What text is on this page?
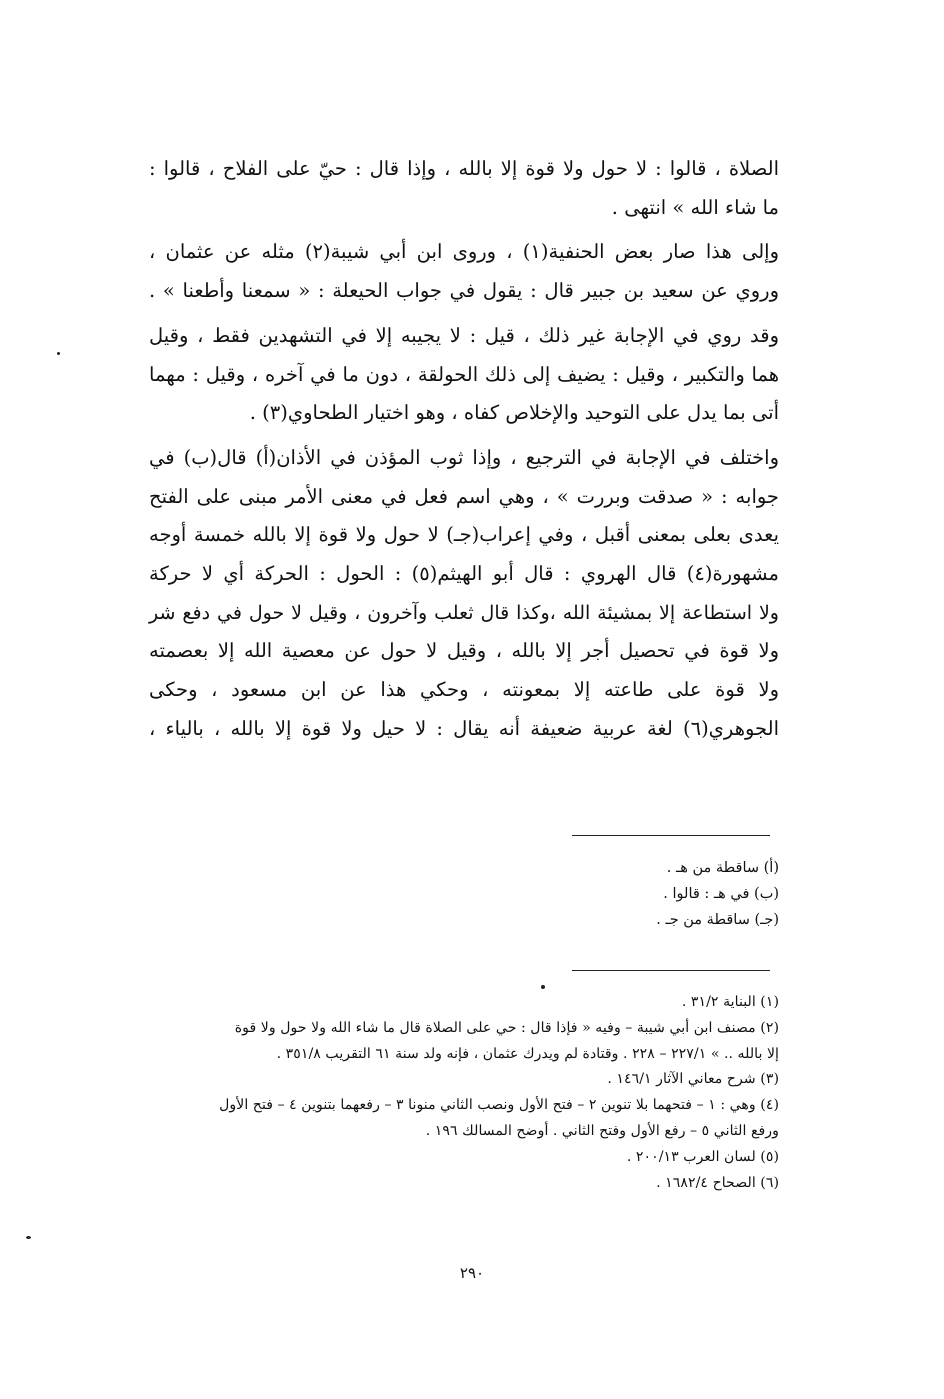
الصلاة ، قالوا : لا حول ولا قوة إلا بالله ، وإذا قال : حيّ على الفلاح ، قالوا :
ما شاء الله » انتهى .
وإلى هذا صار بعض الحنفية(١) ، وروى ابن أبي شيبة(٢) مثله عن عثمان ،
وروي عن سعيد بن جبير قال : يقول في جواب الحيعلة : « سمعنا وأطعنا » .
وقد روي في الإجابة غير ذلك ، قيل : لا يجيبه إلا في التشهدين فقط ، وقيل
هما والتكبير ، وقيل : يضيف إلى ذلك الحولقة ، دون ما في آخره ، وقيل : مهما
أتى بما يدل على التوحيد والإخلاص كفاه ، وهو اختيار الطحاوي(٣) .
واختلف في الإجابة في الترجيع ، وإذا ثوب المؤذن في الأذان(أ) قال(ب) في
جوابه : « صدقت وبررت » ، وهي اسم فعل في معنى الأمر مبنى على الفتح
يعدى بعلى بمعنى أقبل ، وفي إعراب(جـ) لا حول ولا قوة إلا بالله خمسة أوجه
مشهورة(٤) قال الهروي : قال أبو الهيثم(٥) : الحول : الحركة أي لا حركة
ولا استطاعة إلا بمشيئة الله ،وكذا قال ثعلب وآخرون ، وقيل لا حول في دفع شر
ولا قوة في تحصيل أجر إلا بالله ، وقيل لا حول عن معصية الله إلا بعصمته
ولا قوة على طاعته إلا بمعونته ، وحكي هذا عن ابن مسعود ، وحكى
الجوهري(٦) لغة عربية ضعيفة أنه يقال : لا حيل ولا قوة إلا بالله ، بالياء ،
(أ) ساقطة من هـ .
(ب) في هـ : قالوا .
(جـ) ساقطة من جـ .
(١) البناية ٣١/٢ .
(٢) مصنف ابن أبي شيبة – وفيه « فإذا قال : حي على الصلاة قال ما شاء الله ولا حول ولا قوة
إلا بالله .. » ٢٢٧/١ – ٢٢٨ . وقتادة لم ويدرك عثمان ، فإنه ولد سنة ٦١ التقريب ٣٥١/٨ .
(٣) شرح معاني الآثار ١٤٦/١ .
(٤) وهي : ١ – فتحهما بلا تنوين ٢ – فتح الأول ونصب الثاني منونا ٣ – رفعهما بتنوين ٤ – فتح الأول
ورفع الثاني ٥ – رفع الأول وفتح الثاني . أوضح المسالك ١٩٦ .
(٥) لسان العرب ٢٠٠/١٣ .
(٦) الصحاح ١٦٨٢/٤ .
٢٩٠
